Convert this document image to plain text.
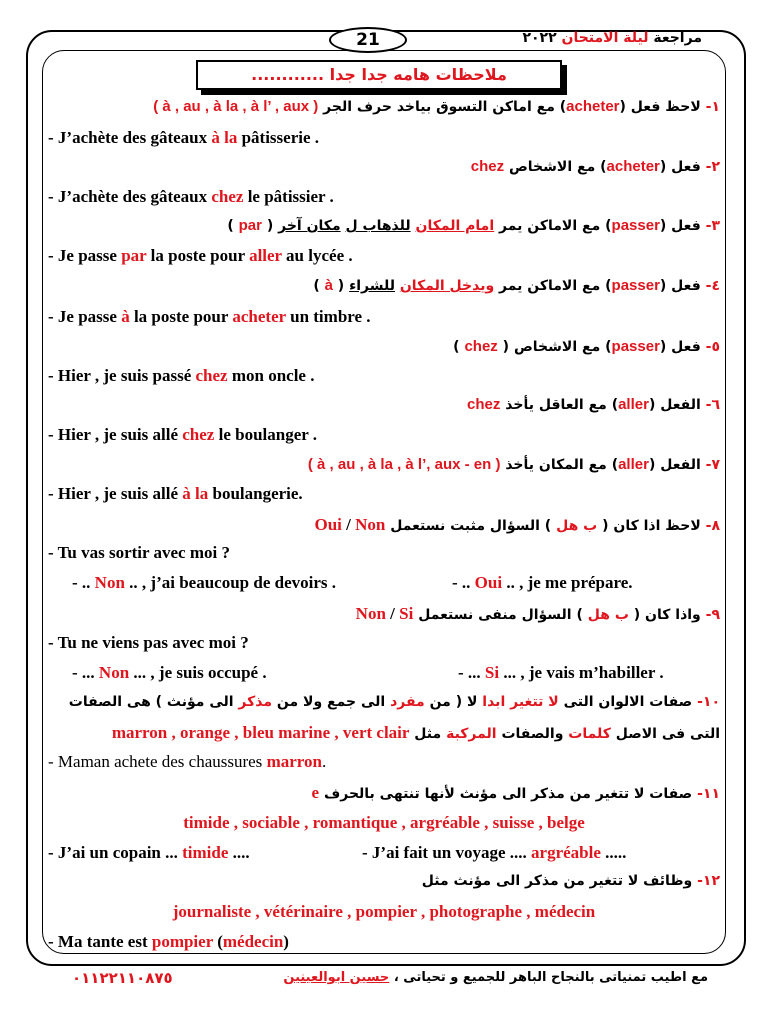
مراجعة ليلة الامتحان ٢٠٢٢
21
ملاحظات هامه جدا جدا ............
١- لاحظ فعل (acheter) مع اماكن التسوق بياخد حرف الجر ( à , au , à la , à l’ , aux )
- J’achète des gâteaux à la pâtisserie .
٢- فعل (acheter) مع الاشخاص chez
- J’achète des gâteaux chez le pâtissier .
٣- فعل (passer) مع الاماكن يمر امام المكان للذهاب ل مكان آخر ( par )
- Je passe par la poste pour aller au lycée .
٤- فعل (passer) مع الاماكن يمر ويدخل المكان للشراء ( à )
- Je passe à la poste pour acheter un timbre .
٥- فعل (passer) مع الاشخاص ( chez )
- Hier , je suis passé chez mon oncle .
٦- الفعل (aller) مع العاقل يأخذ chez
- Hier , je suis allé chez le boulanger .
٧- الفعل (aller) مع المكان يأخذ ( à , au , à la , à l’, aux - en )
- Hier , je suis allé à la boulangerie.
٨- لاحظ اذا كان ( ب هل ) السؤال مثبت نستعمل Oui / Non
- Tu vas sortir avec moi ?
- .. Non .. , j’ai beaucoup de devoirs .	- .. Oui .. , je me prépare.
٩- واذا كان ( ب هل ) السؤال منفى نستعمل Non / Si
- Tu ne viens pas avec moi ?
- ... Non ... , je suis occupé .	- ... Si ... , je vais m’habiller .
١٠- صفات الالوان التى لا تتغير ابدا لا ( من مفرد الى جمع ولا من مذكر الى مؤنث ) هى الصفات
التى فى الاصل كلمات والصفات المركبة مثل marron , orange , bleu marine , vert clair
- Maman achete des chaussures marron.
١١- صفات لا تتغير من مذكر الى مؤنث لأنها تنتهى بالحرف e
timide , sociable , romantique , argréable , suisse , belge
- J’ai un copain ... timide ....	- J’ai fait un voyage .... argréable .....
١٢- وظائف لا تتغير من مذكر الى مؤنث مثل
journaliste , vétérinaire , pompier , photographe , médecin
- Ma tante est pompier (médecin)
مع اطيب تمنياتى بالنجاح الباهر للجميع و تحياتى ، حسين ابوالعينين
٠١١٢٢١١٠٨٧٥
